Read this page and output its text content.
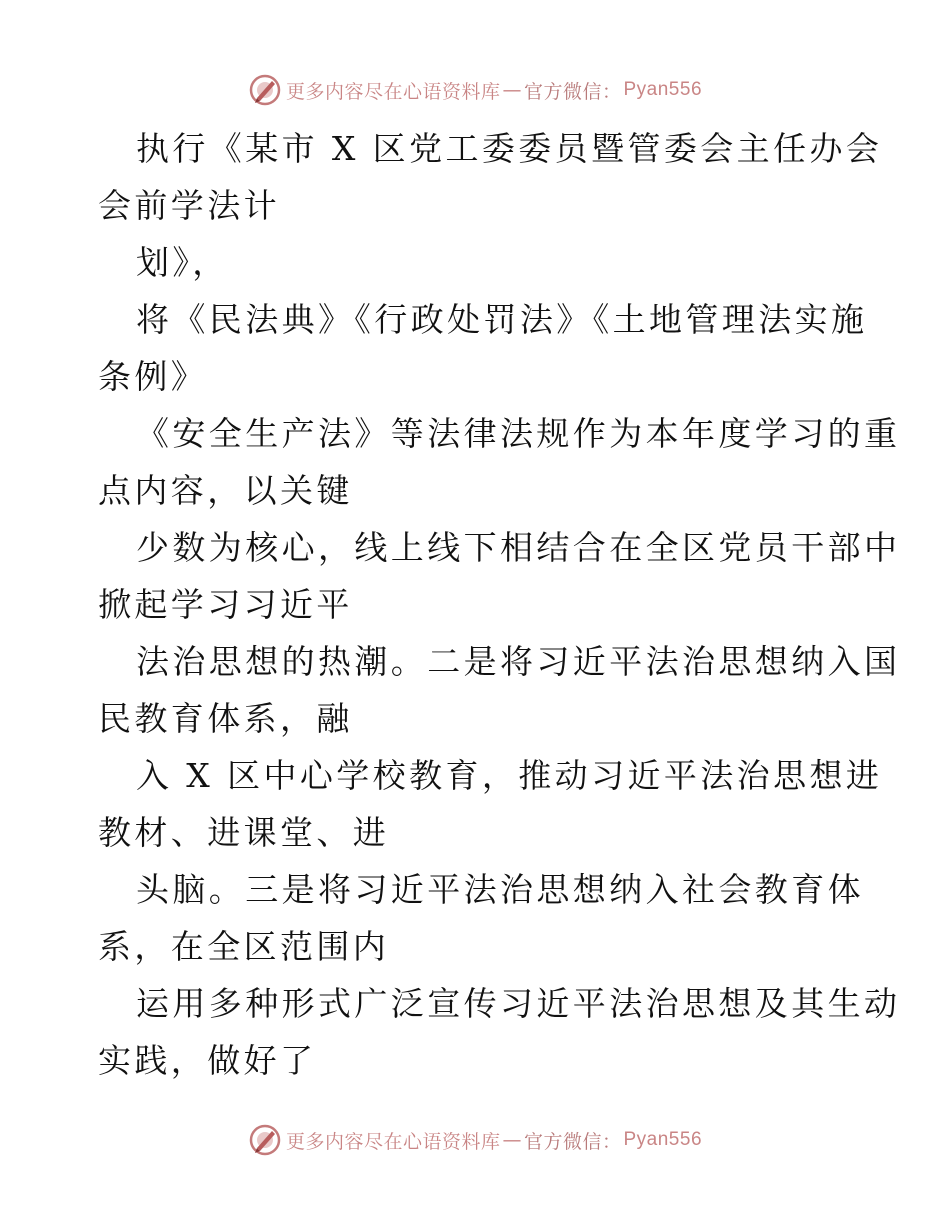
更多内容尽在心语资料库 — 官方微信： Pyan556

执行《某市 X 区党工委委员暨管委会主任办会

会前学法计

划》，

将《民法典》《行政处罚法》《土地管理法实施

条例》

《安全生产法》等法律法规作为本年度学习的重

点内容，以关键

少数为核心，线上线下相结合在全区党员干部中

掀起学习习近平

法治思想的热潮。二是将习近平法治思想纳入国

民教育体系，融

入 X 区中心学校教育，推动习近平法治思想进

教材、进课堂、进

头脑。三是将习近平法治思想纳入社会教育体

系，在全区范围内

运用多种形式广泛宣传习近平法治思想及其生动

实践，做好了

更多内容尽在心语资料库 — 官方微信： Pyan556
